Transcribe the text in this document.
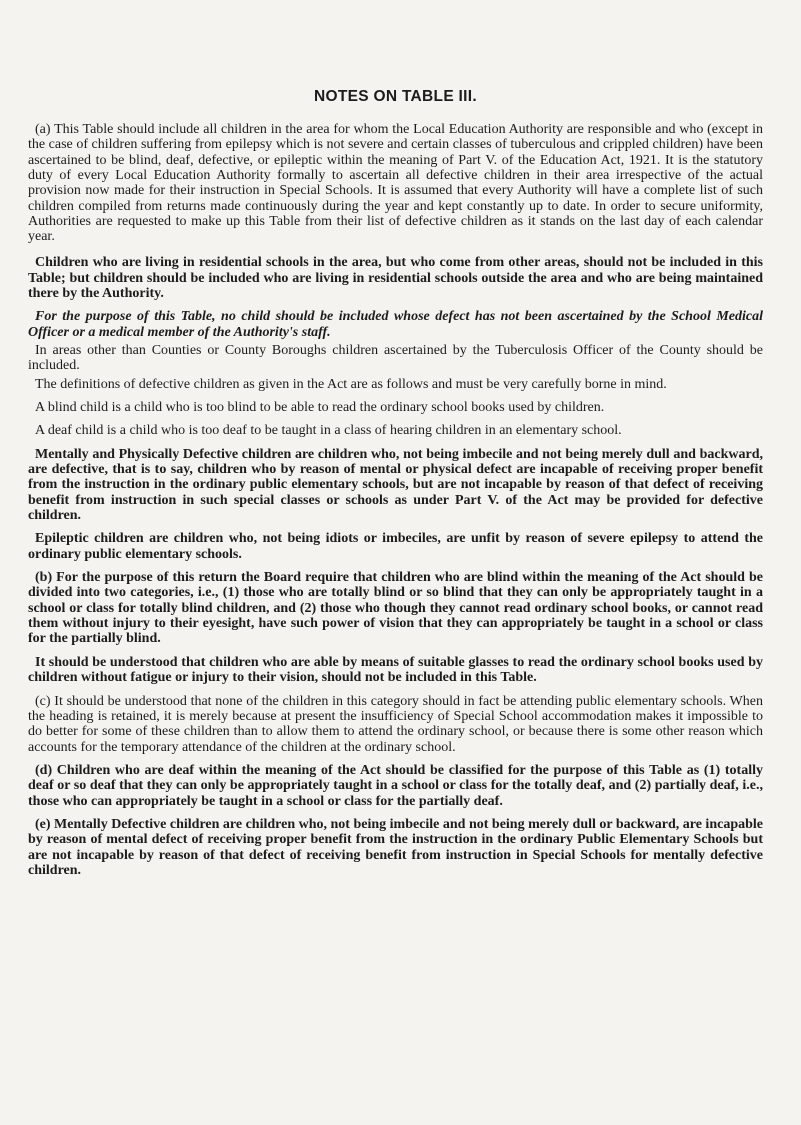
NOTES ON TABLE III.

(a) This Table should include all children in the area for whom the Local Education Authority are responsible and who (except in the case of children suffering from epilepsy which is not severe and certain classes of tuberculous and crippled children) have been ascertained to be blind, deaf, defective, or epileptic within the meaning of Part V. of the Education Act, 1921. It is the statutory duty of every Local Education Authority formally to ascertain all defective children in their area irrespective of the actual provision now made for their instruction in Special Schools. It is assumed that every Authority will have a complete list of such children compiled from returns made continuously during the year and kept constantly up to date. In order to secure uniformity, Authorities are requested to make up this Table from their list of defective children as it stands on the last day of each calendar year.

Children who are living in residential schools in the area, but who come from other areas, should not be included in this Table; but children should be included who are living in residential schools outside the area and who are being maintained there by the Authority.

For the purpose of this Table, no child should be included whose defect has not been ascertained by the School Medical Officer or a medical member of the Authority's staff.

In areas other than Counties or County Boroughs children ascertained by the Tuberculosis Officer of the County should be included.

The definitions of defective children as given in the Act are as follows and must be very carefully borne in mind.

A blind child is a child who is too blind to be able to read the ordinary school books used by children.

A deaf child is a child who is too deaf to be taught in a class of hearing children in an elementary school.

Mentally and Physically Defective children are children who, not being imbecile and not being merely dull and backward, are defective, that is to say, children who by reason of mental or physical defect are incapable of receiving proper benefit from the instruction in the ordinary public elementary schools, but are not incapable by reason of that defect of receiving benefit from instruction in such special classes or schools as under Part V. of the Act may be provided for defective children.

Epileptic children are children who, not being idiots or imbeciles, are unfit by reason of severe epilepsy to attend the ordinary public elementary schools.

(b) For the purpose of this return the Board require that children who are blind within the meaning of the Act should be divided into two categories, i.e., (1) those who are totally blind or so blind that they can only be appropriately taught in a school or class for totally blind children, and (2) those who though they cannot read ordinary school books, or cannot read them without injury to their eyesight, have such power of vision that they can appropriately be taught in a school or class for the partially blind.

It should be understood that children who are able by means of suitable glasses to read the ordinary school books used by children without fatigue or injury to their vision, should not be included in this Table.

(c) It should be understood that none of the children in this category should in fact be attending public elementary schools. When the heading is retained, it is merely because at present the insufficiency of Special School accommodation makes it impossible to do better for some of these children than to allow them to attend the ordinary school, or because there is some other reason which accounts for the temporary attendance of the children at the ordinary school.

(d) Children who are deaf within the meaning of the Act should be classified for the purpose of this Table as (1) totally deaf or so deaf that they can only be appropriately taught in a school or class for the totally deaf, and (2) partially deaf, i.e., those who can appropriately be taught in a school or class for the partially deaf.

(e) Mentally Defective children are children who, not being imbecile and not being merely dull or backward, are incapable by reason of mental defect of receiving proper benefit from the instruction in the ordinary Public Elementary Schools but are not incapable by reason of that defect of receiving benefit from instruction in Special Schools for mentally defective children.
